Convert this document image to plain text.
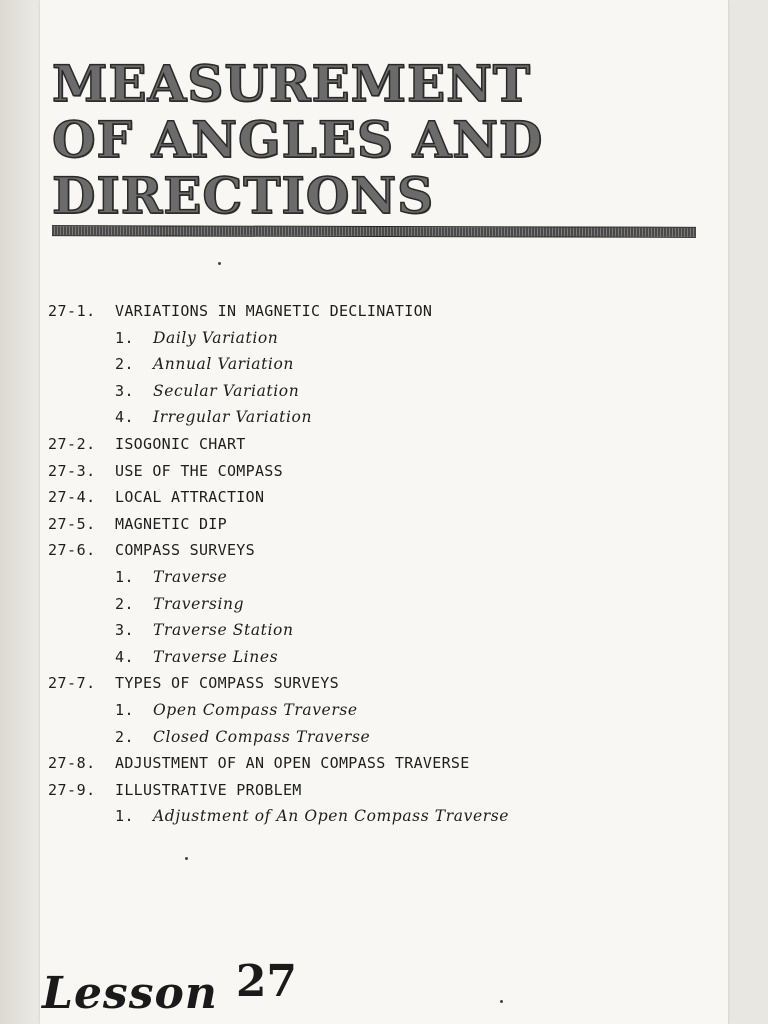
MEASUREMENT
OF ANGLES AND
DIRECTIONS
27-1. VARIATIONS IN MAGNETIC DECLINATION
1. Daily Variation
2. Annual Variation
3. Secular Variation
4. Irregular Variation
27-2. ISOGONIC CHART
27-3. USE OF THE COMPASS
27-4. LOCAL ATTRACTION
27-5. MAGNETIC DIP
27-6. COMPASS SURVEYS
1. Traverse
2. Traversing
3. Traverse Station
4. Traverse Lines
27-7. TYPES OF COMPASS SURVEYS
1. Open Compass Traverse
2. Closed Compass Traverse
27-8. ADJUSTMENT OF AN OPEN COMPASS TRAVERSE
27-9. ILLUSTRATIVE PROBLEM
1. Adjustment of An Open Compass Traverse
Lesson 27
